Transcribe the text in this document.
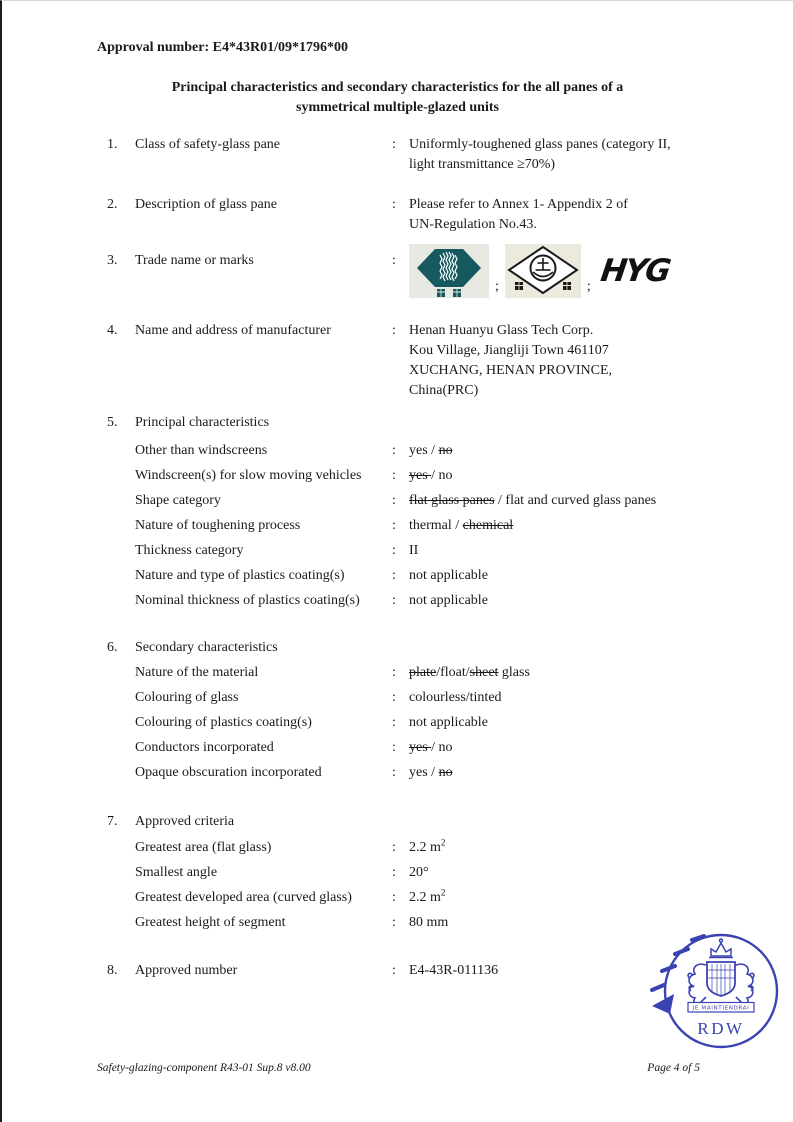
Approval number: E4*43R01/09*1796*00
Principal characteristics and secondary characteristics for the all panes of a
symmetrical multiple-glazed units
1. Class of safety-glass pane	: Uniformly-toughened glass panes (category II,
light transmittance ≥70%)
2. Description of glass pane	: Please refer to Annex 1- Appendix 2 of
UN-Regulation No.43.
3. Trade name or marks	:
;	; HYG
4. Name and address of manufacturer	: Henan Huanyu Glass Tech Corp.
Kou Village, Jiangliji Town 461107
XUCHANG, HENAN PROVINCE,
China(PRC)
5. Principal characteristics
Other than windscreens	: yes / no
Windscreen(s) for slow moving vehicles	: yes / no
Shape category	: flat glass panes / flat and curved glass panes
Nature of toughening process	: thermal / chemical
Thickness category	: II
Nature and type of plastics coating(s)	: not applicable
Nominal thickness of plastics coating(s)	: not applicable
6. Secondary characteristics
Nature of the material	: plate/float/sheet glass
Colouring of glass	: colourless/tinted
Colouring of plastics coating(s)	: not applicable
Conductors incorporated	: yes / no
Opaque obscuration incorporated	: yes / no
7. Approved criteria
Greatest area (flat glass)	: 2.2 $m^2$
Smallest angle	: 20°
Greatest developed area (curved glass)	: 2.2 $m^2$
Greatest height of segment	: 80 mm
8. Approved number	: E4-43R-011136
JE MAINTIENDRAI
RDW
Safety-glazing-component R43-01 Sup.8 v8.00	Page 4 of 5
